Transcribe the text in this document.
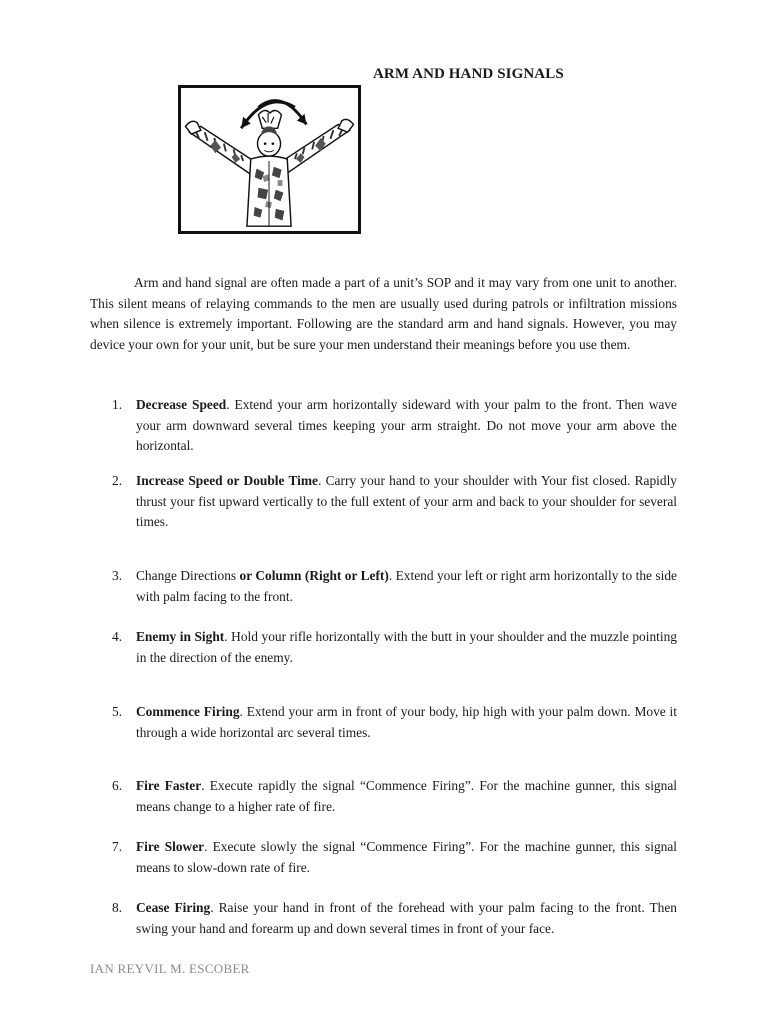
ARM AND HAND SIGNALS

Arm and hand signal are often made a part of a unit’s SOP and it may vary from one unit to another. This silent means of relaying commands to the men are usually used during patrols or infiltration missions when silence is extremely important. Following are the standard arm and hand signals. However, you may device your own for your unit, but be sure your men understand their meanings before you use them.

1.	Decrease Speed. Extend your arm horizontally sideward with your palm to the front. Then wave your arm downward several times keeping your arm straight. Do not move your arm above the horizontal.
2.	Increase Speed or Double Time. Carry your hand to your shoulder with Your fist closed. Rapidly thrust your fist upward vertically to the full extent of your arm and back to your shoulder for several times.
3.	Change Directions or Column (Right or Left). Extend your left or right arm horizontally to the side with palm facing to the front.
4.	Enemy in Sight. Hold your rifle horizontally with the butt in your shoulder and the muzzle pointing in the direction of the enemy.
5.	Commence Firing. Extend your arm in front of your body, hip high with your palm down. Move it through a wide horizontal arc several times.
6.	Fire Faster. Execute rapidly the signal “Commence Firing”. For the machine gunner, this signal means change to a higher rate of fire.
7.	Fire Slower. Execute slowly the signal “Commence Firing”. For the machine gunner, this signal means to slow-down rate of fire.
8.	Cease Firing. Raise your hand in front of the forehead with your palm facing to the front. Then swing your hand and forearm up and down several times in front of your face.
IAN REYVIL M. ESCOBER
